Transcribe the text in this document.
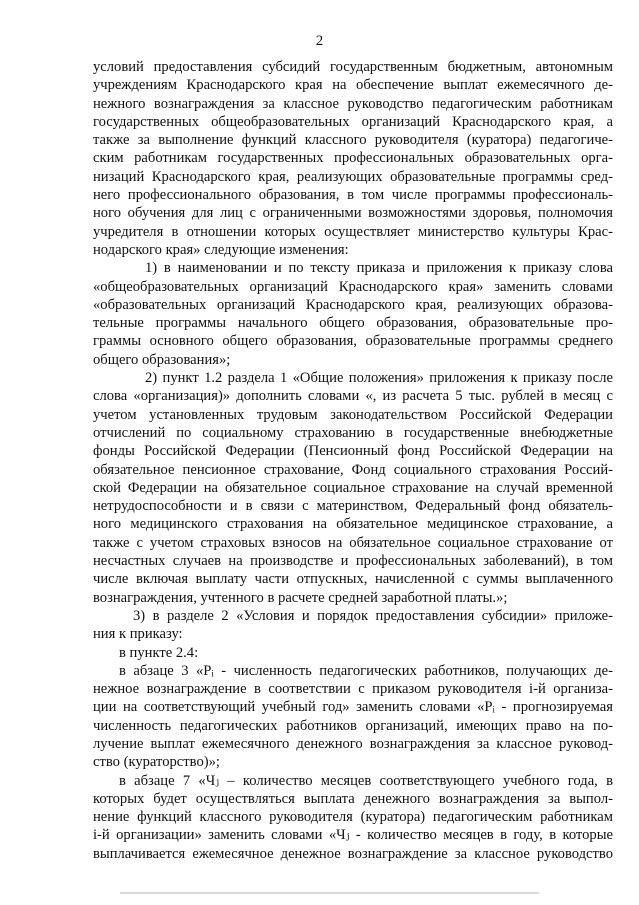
2
условий предоставления субсидий государственным бюджетным, автономным
учреждениям Краснодарского края на обеспечение выплат ежемесячного де-
нежного вознаграждения за классное руководство педагогическим работникам
государственных общеобразовательных организаций Краснодарского края, а
также за выполнение функций классного руководителя (куратора) педагогиче-
ским работникам государственных профессиональных образовательных орга-
низаций Краснодарского края, реализующих образовательные программы сред-
него профессионального образования, в том числе программы профессиональ-
ного обучения для лиц с ограниченными возможностями здоровья, полномочия
учредителя в отношении которых осуществляет министерство культуры Крас-
нодарского края» следующие изменения:
1) в наименовании и по тексту приказа и приложения к приказу слова
«общеобразовательных организаций Краснодарского края» заменить словами
«образовательных организаций Краснодарского края, реализующих образова-
тельные программы начального общего образования, образовательные про-
граммы основного общего образования, образовательные программы среднего
общего образования»;
2) пункт 1.2 раздела 1 «Общие положения» приложения к приказу после
слова «организация)» дополнить словами «, из расчета 5 тыс. рублей в месяц с
учетом установленных трудовым законодательством Российской Федерации
отчислений по социальному страхованию в государственные внебюджетные
фонды Российской Федерации (Пенсионный фонд Российской Федерации на
обязательное пенсионное страхование, Фонд социального страхования Россий-
ской Федерации на обязательное социальное страхование на случай временной
нетрудоспособности и в связи с материнством, Федеральный фонд обязатель-
ного медицинского страхования на обязательное медицинское страхование, а
также с учетом страховых взносов на обязательное социальное страхование от
несчастных случаев на производстве и профессиональных заболеваний), в том
числе включая выплату части отпускных, начисленной с суммы выплаченного
вознаграждения, учтенного в расчете средней заработной платы.»;
3) в разделе 2 «Условия и порядок предоставления субсидии» приложе-
ния к приказу:
в пункте 2.4:
в абзаце 3 «Pᵢ - численность педагогических работников, получающих де-
нежное вознаграждение в соответствии с приказом руководителя i-й организа-
ции на соответствующий учебный год» заменить словами «Pᵢ - прогнозируемая
численность педагогических работников организаций, имеющих право на по-
лучение выплат ежемесячного денежного вознаграждения за классное руковод-
ство (кураторство)»;
в абзаце 7 «Чⱼ – количество месяцев соответствующего учебного года, в
которых будет осуществляться выплата денежного вознаграждения за выпол-
нение функций классного руководителя (куратора) педагогическим работникам
i-й организации» заменить словами «Чⱼ - количество месяцев в году, в которые
выплачивается ежемесячное денежное вознаграждение за классное руководство
